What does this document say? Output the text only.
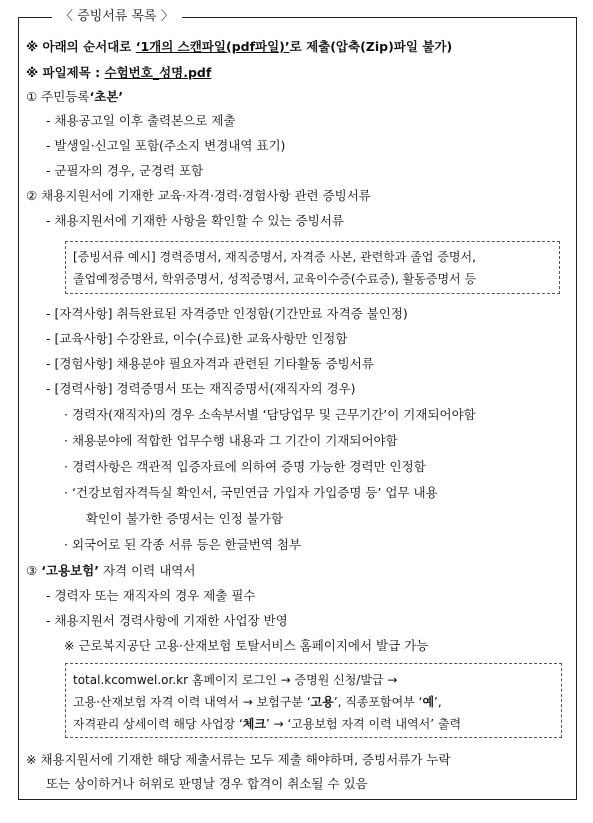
〈 증빙서류 목록 〉
※ 아래의 순서대로 ‘1개의 스캔파일(pdf파일)’로 제출(압축(Zip)파일 불가)
※ 파일제목 : 수험번호_성명.pdf
① 주민등록‘초본’
- 채용공고일 이후 출력본으로 제출
- 발생일·신고일 포함(주소지 변경내역 표기)
- 군필자의 경우, 군경력 포함
② 채용지원서에 기재한 교육·자격·경력·경험사항 관련 증빙서류
- 채용지원서에 기재한 사항을 확인할 수 있는 증빙서류
[증빙서류 예시] 경력증명서, 재직증명서, 자격증 사본, 관련학과 졸업 증명서,
졸업예정증명서, 학위증명서, 성적증명서, 교육이수증(수료증), 활동증명서 등
- [자격사항] 취득완료된 자격증만 인정함(기간만료 자격증 불인정)
- [교육사항] 수강완료, 이수(수료)한 교육사항만 인정함
- [경험사항] 채용분야 필요자격과 관련된 기타활동 증빙서류
- [경력사항] 경력증명서 또는 재직증명서(재직자의 경우)
· 경력자(재직자)의 경우 소속부서별 ‘담당업무 및 근무기간’이 기재되어야함
· 채용분야에 적합한 업무수행 내용과 그 기간이 기재되어야함
· 경력사항은 객관적 입증자료에 의하여 증명 가능한 경력만 인정함
· ‘건강보험자격득실 확인서, 국민연금 가입자 가입증명 등’ 업무 내용
확인이 불가한 증명서는 인정 불가함
· 외국어로 된 각종 서류 등은 한글번역 첨부
③ ‘고용보험’ 자격 이력 내역서
- 경력자 또는 재직자의 경우 제출 필수
- 채용지원서 경력사항에 기재한 사업장 반영
※ 근로복지공단 고용·산재보험 토탈서비스 홈페이지에서 발급 가능
total.kcomwel.or.kr 홈페이지 로그인 → 증명원 신청/발급 →
고용·산재보험 자격 이력 내역서 → 보험구분 ‘고용’, 직종포함여부 ‘예’,
자격관리 상세이력 해당 사업장 ‘체크’ → ‘고용보험 자격 이력 내역서’ 출력
※ 채용지원서에 기재한 해당 제출서류는 모두 제출 해야하며, 증빙서류가 누락
또는 상이하거나 허위로 판명날 경우 합격이 취소될 수 있음
